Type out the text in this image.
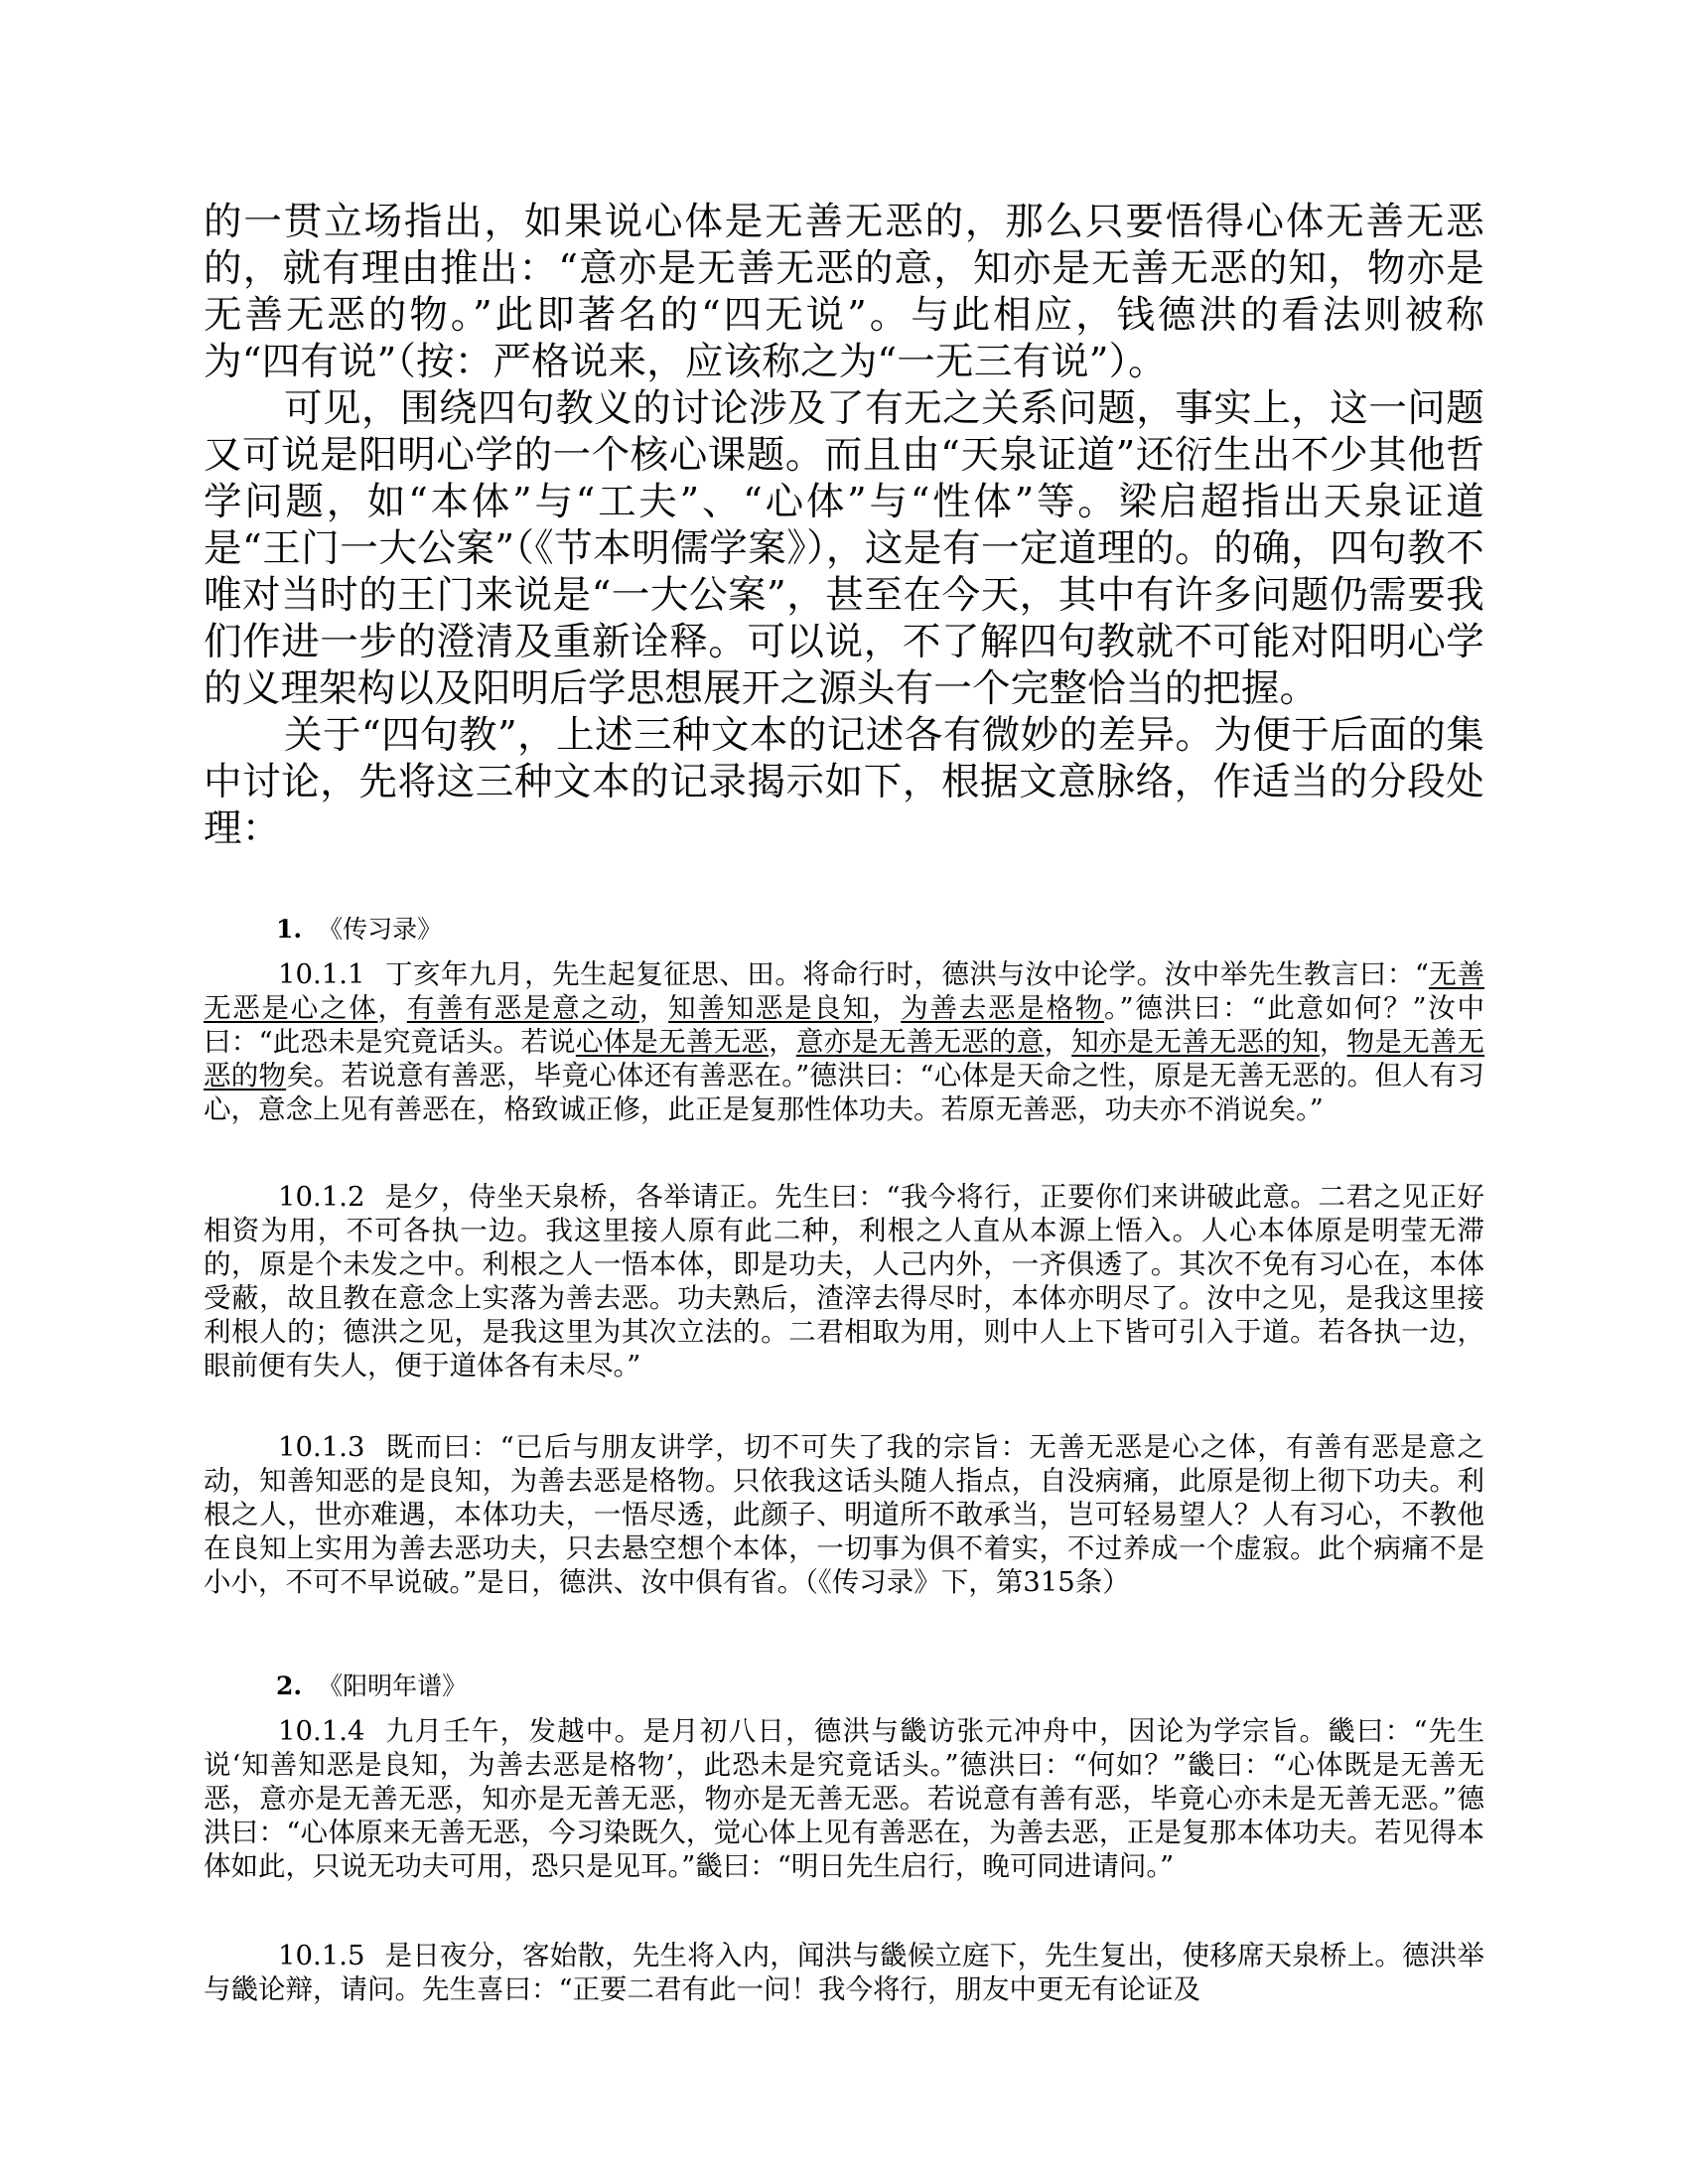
的一贯立场指出，如果说心体是无善无恶的，那么只要悟得心体无善无恶的，就有理由推出：“意亦是无善无恶的意，知亦是无善无恶的知，物亦是无善无恶的物。”此即著名的“四无说”。与此相应，钱德洪的看法则被称为“四有说”（按：严格说来，应该称之为“一无三有说”）。

可见，围绕四句教义的讨论涉及了有无之关系问题，事实上，这一问题又可说是阳明心学的一个核心课题。而且由“天泉证道”还衍生出不少其他哲学问题，如“本体”与“工夫”、“心体”与“性体”等。梁启超指出天泉证道是“王门一大公案”（《节本明儒学案》），这是有一定道理的。的确，四句教不唯对当时的王门来说是“一大公案”，甚至在今天，其中有许多问题仍需要我们作进一步的澄清及重新诠释。可以说，不了解四句教就不可能对阳明心学的义理架构以及阳明后学思想展开之源头有一个完整恰当的把握。

关于“四句教”，上述三种文本的记述各有微妙的差异。为便于后面的集中讨论，先将这三种文本的记录揭示如下，根据文意脉络，作适当的分段处理：

1. 《传习录》

10.1.1 丁亥年九月，先生起复征思、田。将命行时，德洪与汝中论学。汝中举先生教言曰：“无善无恶是心之体，有善有恶是意之动，知善知恶是良知，为善去恶是格物。”德洪曰：“此意如何？”汝中曰：“此恐未是究竟话头。若说心体是无善无恶，意亦是无善无恶的意，知亦是无善无恶的知，物是无善无恶的物矣。若说意有善恶，毕竟心体还有善恶在。”德洪曰：“心体是天命之性，原是无善无恶的。但人有习心，意念上见有善恶在，格致诚正修，此正是复那性体功夫。若原无善恶，功夫亦不消说矣。”

10.1.2 是夕，侍坐天泉桥，各举请正。先生曰：“我今将行，正要你们来讲破此意。二君之见正好相资为用，不可各执一边。我这里接人原有此二种，利根之人直从本源上悟入。人心本体原是明莹无滞的，原是个未发之中。利根之人一悟本体，即是功夫，人己内外，一齐俱透了。其次不免有习心在，本体受蔽，故且教在意念上实落为善去恶。功夫熟后，渣滓去得尽时，本体亦明尽了。汝中之见，是我这里接利根人的；德洪之见，是我这里为其次立法的。二君相取为用，则中人上下皆可引入于道。若各执一边，眼前便有失人，便于道体各有未尽。”

10.1.3 既而曰：“已后与朋友讲学，切不可失了我的宗旨：无善无恶是心之体，有善有恶是意之动，知善知恶的是良知，为善去恶是格物。只依我这话头随人指点，自没病痛，此原是彻上彻下功夫。利根之人，世亦难遇，本体功夫，一悟尽透，此颜子、明道所不敢承当，岂可轻易望人？人有习心，不教他在良知上实用为善去恶功夫，只去悬空想个本体，一切事为俱不着实，不过养成一个虚寂。此个病痛不是小小，不可不早说破。”是日，德洪、汝中俱有省。（《传习录》下，第315条）

2. 《阳明年谱》

10.1.4 九月壬午，发越中。是月初八日，德洪与畿访张元冲舟中，因论为学宗旨。畿曰：“先生说‘知善知恶是良知，为善去恶是格物’，此恐未是究竟话头。”德洪曰：“何如？”畿曰：“心体既是无善无恶，意亦是无善无恶，知亦是无善无恶，物亦是无善无恶。若说意有善有恶，毕竟心亦未是无善无恶。”德洪曰：“心体原来无善无恶，今习染既久，觉心体上见有善恶在，为善去恶，正是复那本体功夫。若见得本体如此，只说无功夫可用，恐只是见耳。”畿曰：“明日先生启行，晚可同进请问。”

10.1.5 是日夜分，客始散，先生将入内，闻洪与畿候立庭下，先生复出，使移席天泉桥上。德洪举与畿论辩，请问。先生喜曰：“正要二君有此一问！我今将行，朋友中更无有论证及
